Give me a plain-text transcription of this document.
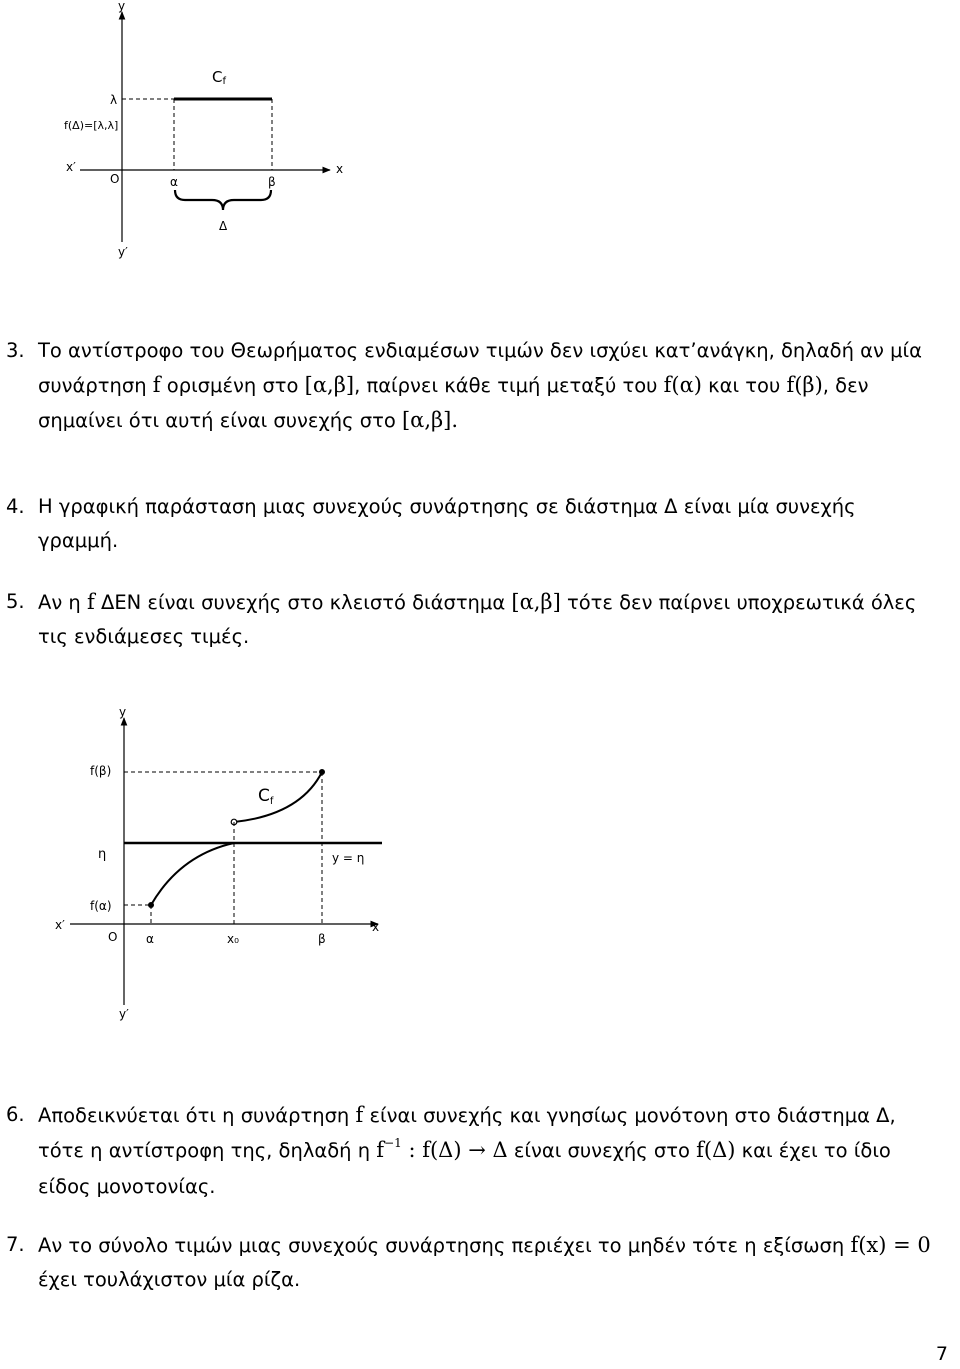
y
y′
x
x′
O
λ
f(Δ)=[λ,λ]
α	β
Δ
Cf
3. Το αντίστροφο του Θεωρήματος ενδιαμέσων τιμών δεν ισχύει κατ’ανάγκη, δηλαδή αν μία
συνάρτηση f ορισμένη στο [α,β], παίρνει κάθε τιμή μεταξύ του f(α) και του f(β), δεν
σημαίνει ότι αυτή είναι συνεχής στο [α,β].
4. Η γραφική παράσταση μιας συνεχούς συνάρτησης σε διάστημα Δ είναι μία συνεχής
γραμμή.
5. Αν η f ΔΕΝ είναι συνεχής στο κλειστό διάστημα [α,β] τότε δεν παίρνει υποχρεωτικά όλες
τις ενδιάμεσες τιμές.
y
y′
x
x′
O
f(β)
η	y = η
f(α)
α	x₀	β
Cf
6. Αποδεικνύεται ότι η συνάρτηση f είναι συνεχής και γνησίως μονότονη στο διάστημα Δ,
τότε η αντίστροφη της, δηλαδή η $f^{-1}$ : f(Δ) → Δ είναι συνεχής στο f(Δ) και έχει το ίδιο
είδος μονοτονίας.
7. Αν το σύνολο τιμών μιας συνεχούς συνάρτησης περιέχει το μηδέν τότε η εξίσωση f(x) = 0
έχει τουλάχιστον μία ρίζα.
7
